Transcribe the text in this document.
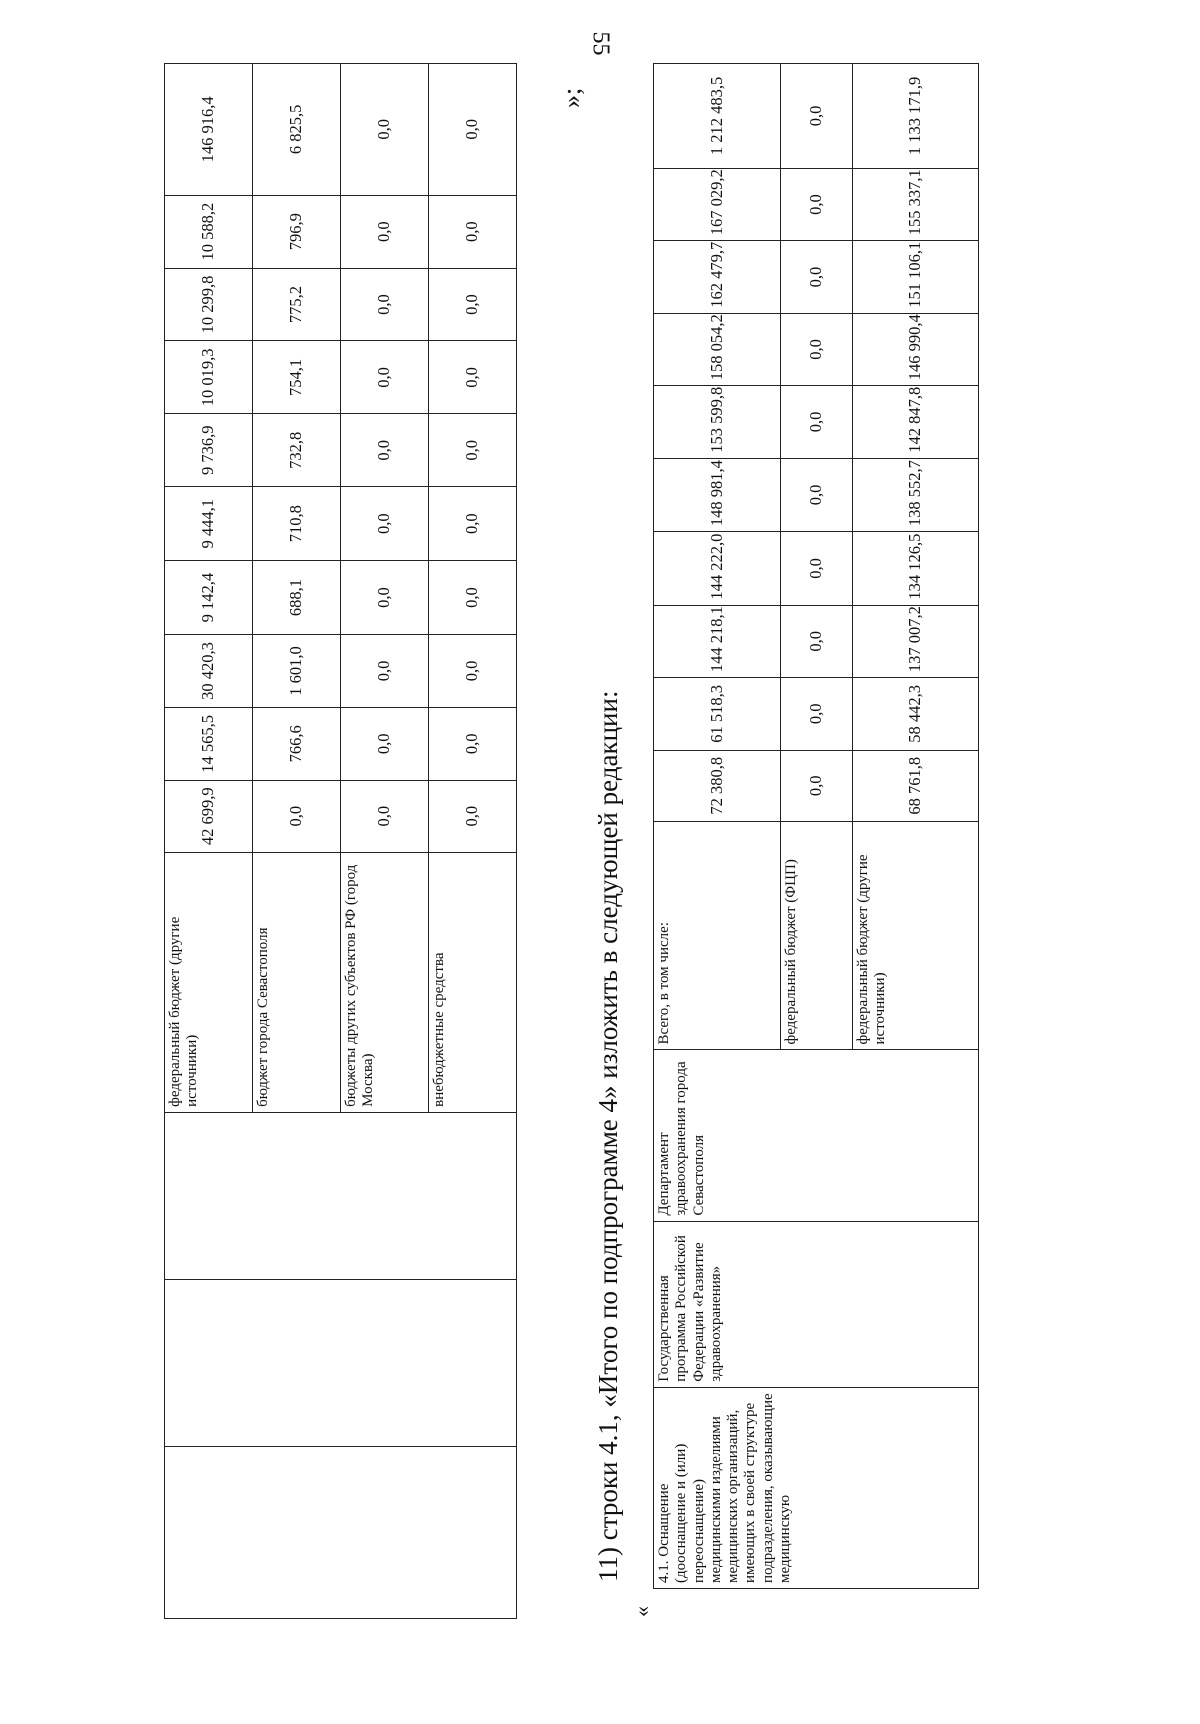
55
			федеральный бюджет (другие источники)	42 699,9	14 565,5	30 420,3	9 142,4	9 444,1	9 736,9	10 019,3	10 299,8	10 588,2	146 916,4
			бюджет города Севастополя	0,0	766,6	1 601,0	688,1	710,8	732,8	754,1	775,2	796,9	6 825,5
			бюджеты других субъектов РФ (город Москва)	0,0	0,0	0,0	0,0	0,0	0,0	0,0	0,0	0,0	0,0
			внебюджетные средства	0,0	0,0	0,0	0,0	0,0	0,0	0,0	0,0	0,0	0,0
»;
11) строки 4.1, «Итого по подпрограмме 4» изложить в следующей редакции:
«
4.1. Оснащение (дооснащение и (или) переоснащение) медицинскими изделиями медицинских организаций, имеющих в своей структуре подразделения, оказывающие медицинскую	Государственная программа Российской Федерации «Развитие здравоохранения»	Департамент здравоохранения города Севастополя	Всего, в том числе:	72 380,8	61 518,3	144 218,1	144 222,0	148 981,4	153 599,8	158 054,2	162 479,7	167 029,2	1 212 483,5
			федеральный бюджет (ФЦП)	0,0	0,0	0,0	0,0	0,0	0,0	0,0	0,0	0,0	0,0
			федеральный бюджет (другие источники)	68 761,8	58 442,3	137 007,2	134 126,5	138 552,7	142 847,8	146 990,4	151 106,1	155 337,1	1 133 171,9
